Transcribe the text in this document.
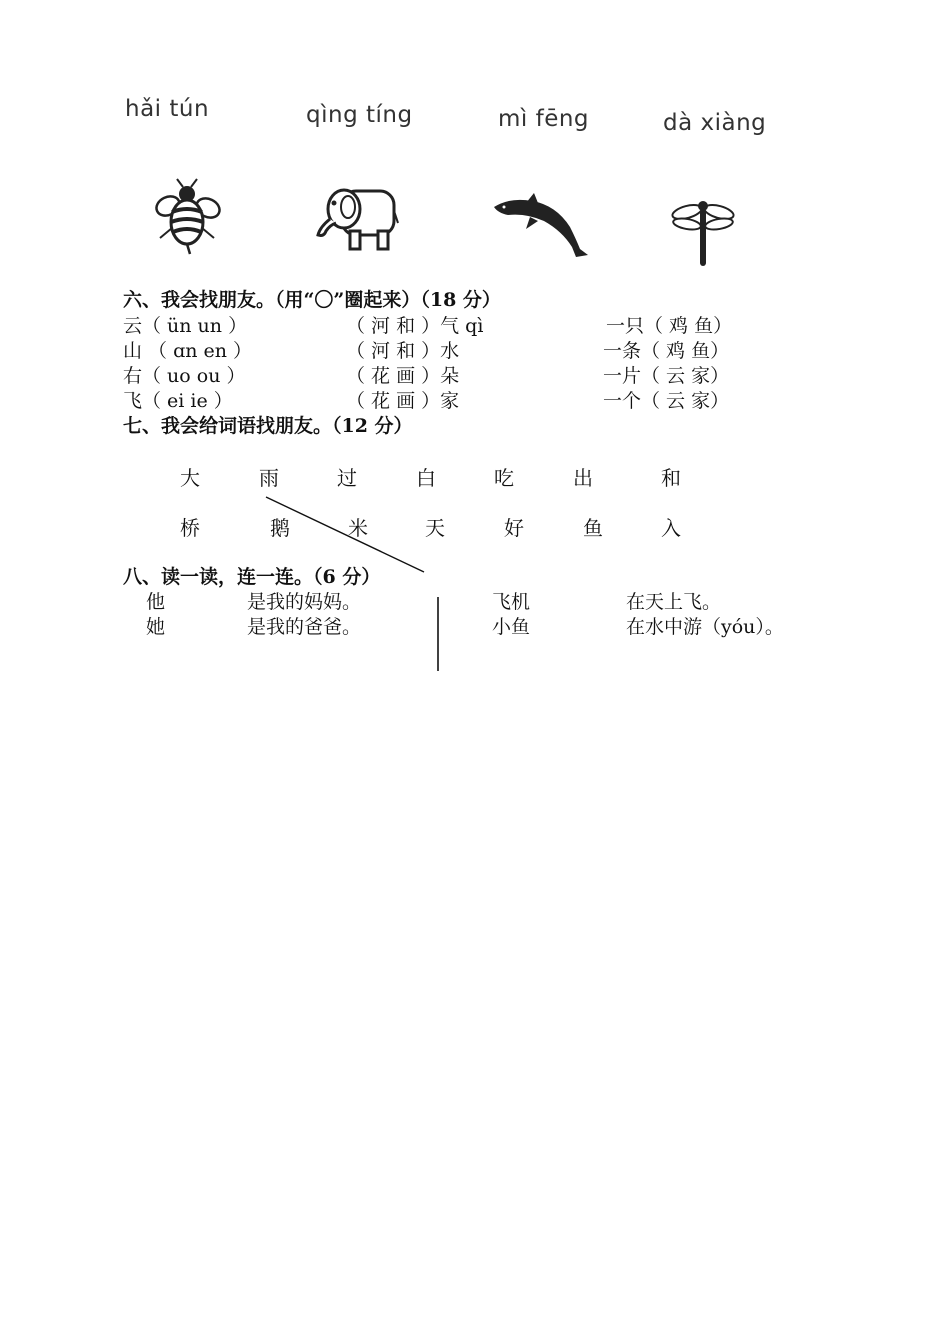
hǎi tún	qìng tíng	mì fēng	dà xiàng
六、我会找朋友。（用“〇”圈起来）（18 分）
云（ ün un ）	（ 河 和 ）气 qì	一只（ 鸡 鱼）
山 （ ɑn en ）	（ 河 和 ）水	一条（ 鸡 鱼）
右（ uo ou ）	（ 花 画 ）朵	一片（ 云 家）
飞（ ei ie ）	（ 花 画 ）家	一个（ 云 家）
七、我会给词语找朋友。（12 分）
大	雨	过	白	吃	出	和
桥	鹅	米	天	好	鱼	入
八、读一读，连一连。（6 分）
他	是我的妈妈。
她	是我的爸爸。
飞机	在天上飞。
小鱼	在水中游（yóu）。
